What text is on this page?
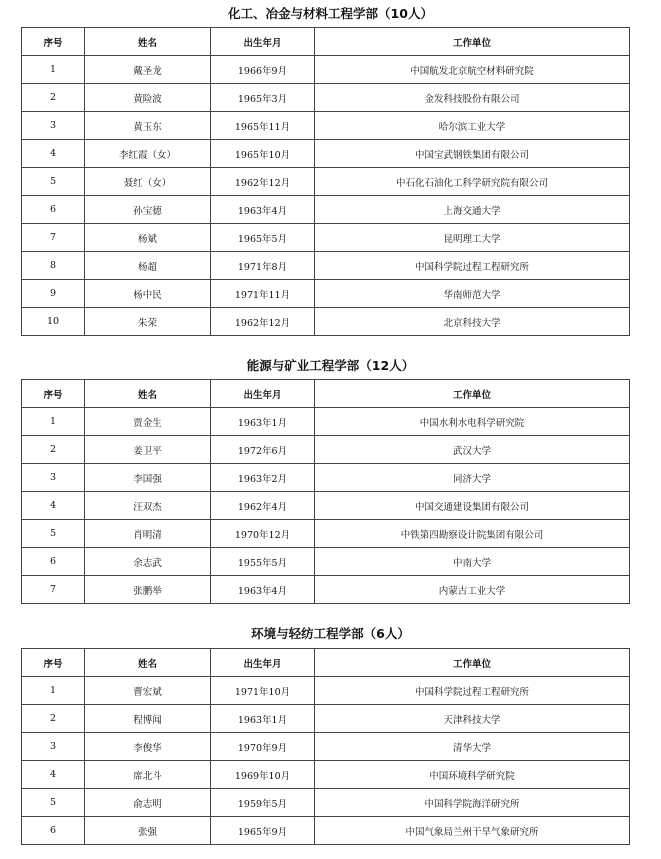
化工、冶金与材料工程学部（10人）
序号	姓名	出生年月	工作单位
1	戴圣龙	1966年9月	中国航发北京航空材料研究院
2	黄险波	1965年3月	金发科技股份有限公司
3	黄玉东	1965年11月	哈尔滨工业大学
4	李红霞（女）	1965年10月	中国宝武钢铁集团有限公司
5	聂红（女）	1962年12月	中石化石油化工科学研究院有限公司
6	孙宝德	1963年4月	上海交通大学
7	杨斌	1965年5月	昆明理工大学
8	杨超	1971年8月	中国科学院过程工程研究所
9	杨中民	1971年11月	华南师范大学
10	朱荣	1962年12月	北京科技大学
能源与矿业工程学部（12人）
序号	姓名	出生年月	工作单位
1	贾金生	1963年1月	中国水利水电科学研究院
2	姜卫平	1972年6月	武汉大学
3	李国强	1963年2月	同济大学
4	汪双杰	1962年4月	中国交通建设集团有限公司
5	肖明清	1970年12月	中铁第四勘察设计院集团有限公司
6	余志武	1955年5月	中南大学
7	张鹏举	1963年4月	内蒙古工业大学
环境与轻纺工程学部（6人）
序号	姓名	出生年月	工作单位
1	曹宏斌	1971年10月	中国科学院过程工程研究所
2	程博闻	1963年1月	天津科技大学
3	李俊华	1970年9月	清华大学
4	席北斗	1969年10月	中国环境科学研究院
5	俞志明	1959年5月	中国科学院海洋研究所
6	张强	1965年9月	中国气象局兰州干旱气象研究所
